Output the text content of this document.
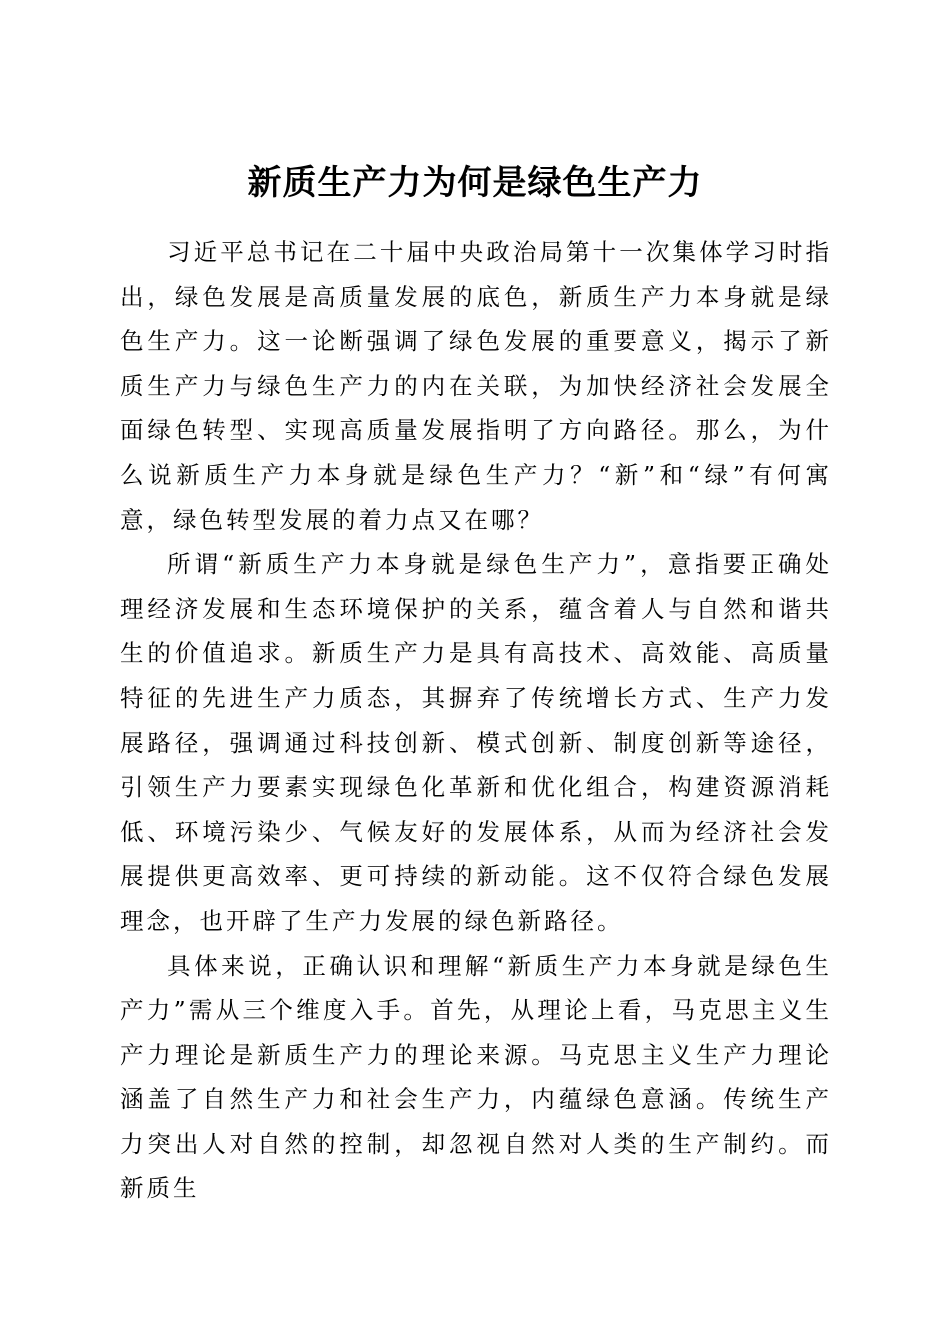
新质生产力为何是绿色生产力

习近平总书记在二十届中央政治局第十一次集体学习时指出，绿色发展是高质量发展的底色，新质生产力本身就是绿色生产力。这一论断强调了绿色发展的重要意义，揭示了新质生产力与绿色生产力的内在关联，为加快经济社会发展全面绿色转型、实现高质量发展指明了方向路径。那么，为什么说新质生产力本身就是绿色生产力？“新”和“绿”有何寓意，绿色转型发展的着力点又在哪？

所谓“新质生产力本身就是绿色生产力”，意指要正确处理经济发展和生态环境保护的关系，蕴含着人与自然和谐共生的价值追求。新质生产力是具有高技术、高效能、高质量特征的先进生产力质态，其摒弃了传统增长方式、生产力发展路径，强调通过科技创新、模式创新、制度创新等途径，引领生产力要素实现绿色化革新和优化组合，构建资源消耗低、环境污染少、气候友好的发展体系，从而为经济社会发展提供更高效率、更可持续的新动能。这不仅符合绿色发展理念，也开辟了生产力发展的绿色新路径。

具体来说，正确认识和理解“新质生产力本身就是绿色生产力”需从三个维度入手。首先，从理论上看，马克思主义生产力理论是新质生产力的理论来源。马克思主义生产力理论涵盖了自然生产力和社会生产力，内蕴绿色意涵。传统生产力突出人对自然的控制，却忽视自然对人类的生产制约。而新质生
